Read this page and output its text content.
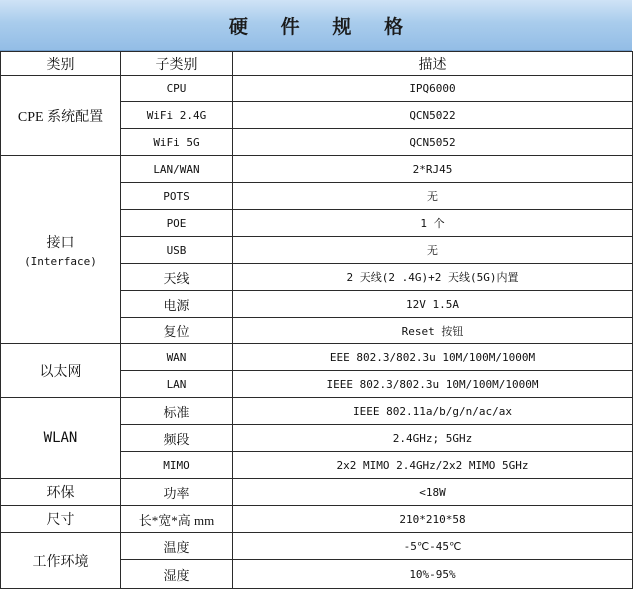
硬 件 规 格
类别	子类别	描述

CPE 系统配置	CPU	IPQ6000
	WiFi 2.4G	QCN5022
	WiFi 5G	QCN5052

接口
(Interface)	LAN/WAN	2*RJ45
	POTS	无
	POE	1 个
	USB	无
	天线	2 天线(2 .4G)+2 天线(5G)内置
	电源	12V 1.5A
	复位	Reset 按钮

以太网	WAN	EEE 802.3/802.3u 10M/100M/1000M
	LAN	IEEE 802.3/802.3u 10M/100M/1000M

WLAN	标准	IEEE 802.11a/b/g/n/ac/ax
	频段	2.4GHz; 5GHz
	MIMO	2x2 MIMO 2.4GHz/2x2 MIMO 5GHz

环保	功率	<18W

尺寸	长*宽*高 mm	210*210*58

工作环境	温度	-5℃-45℃
	湿度	10%-95%
